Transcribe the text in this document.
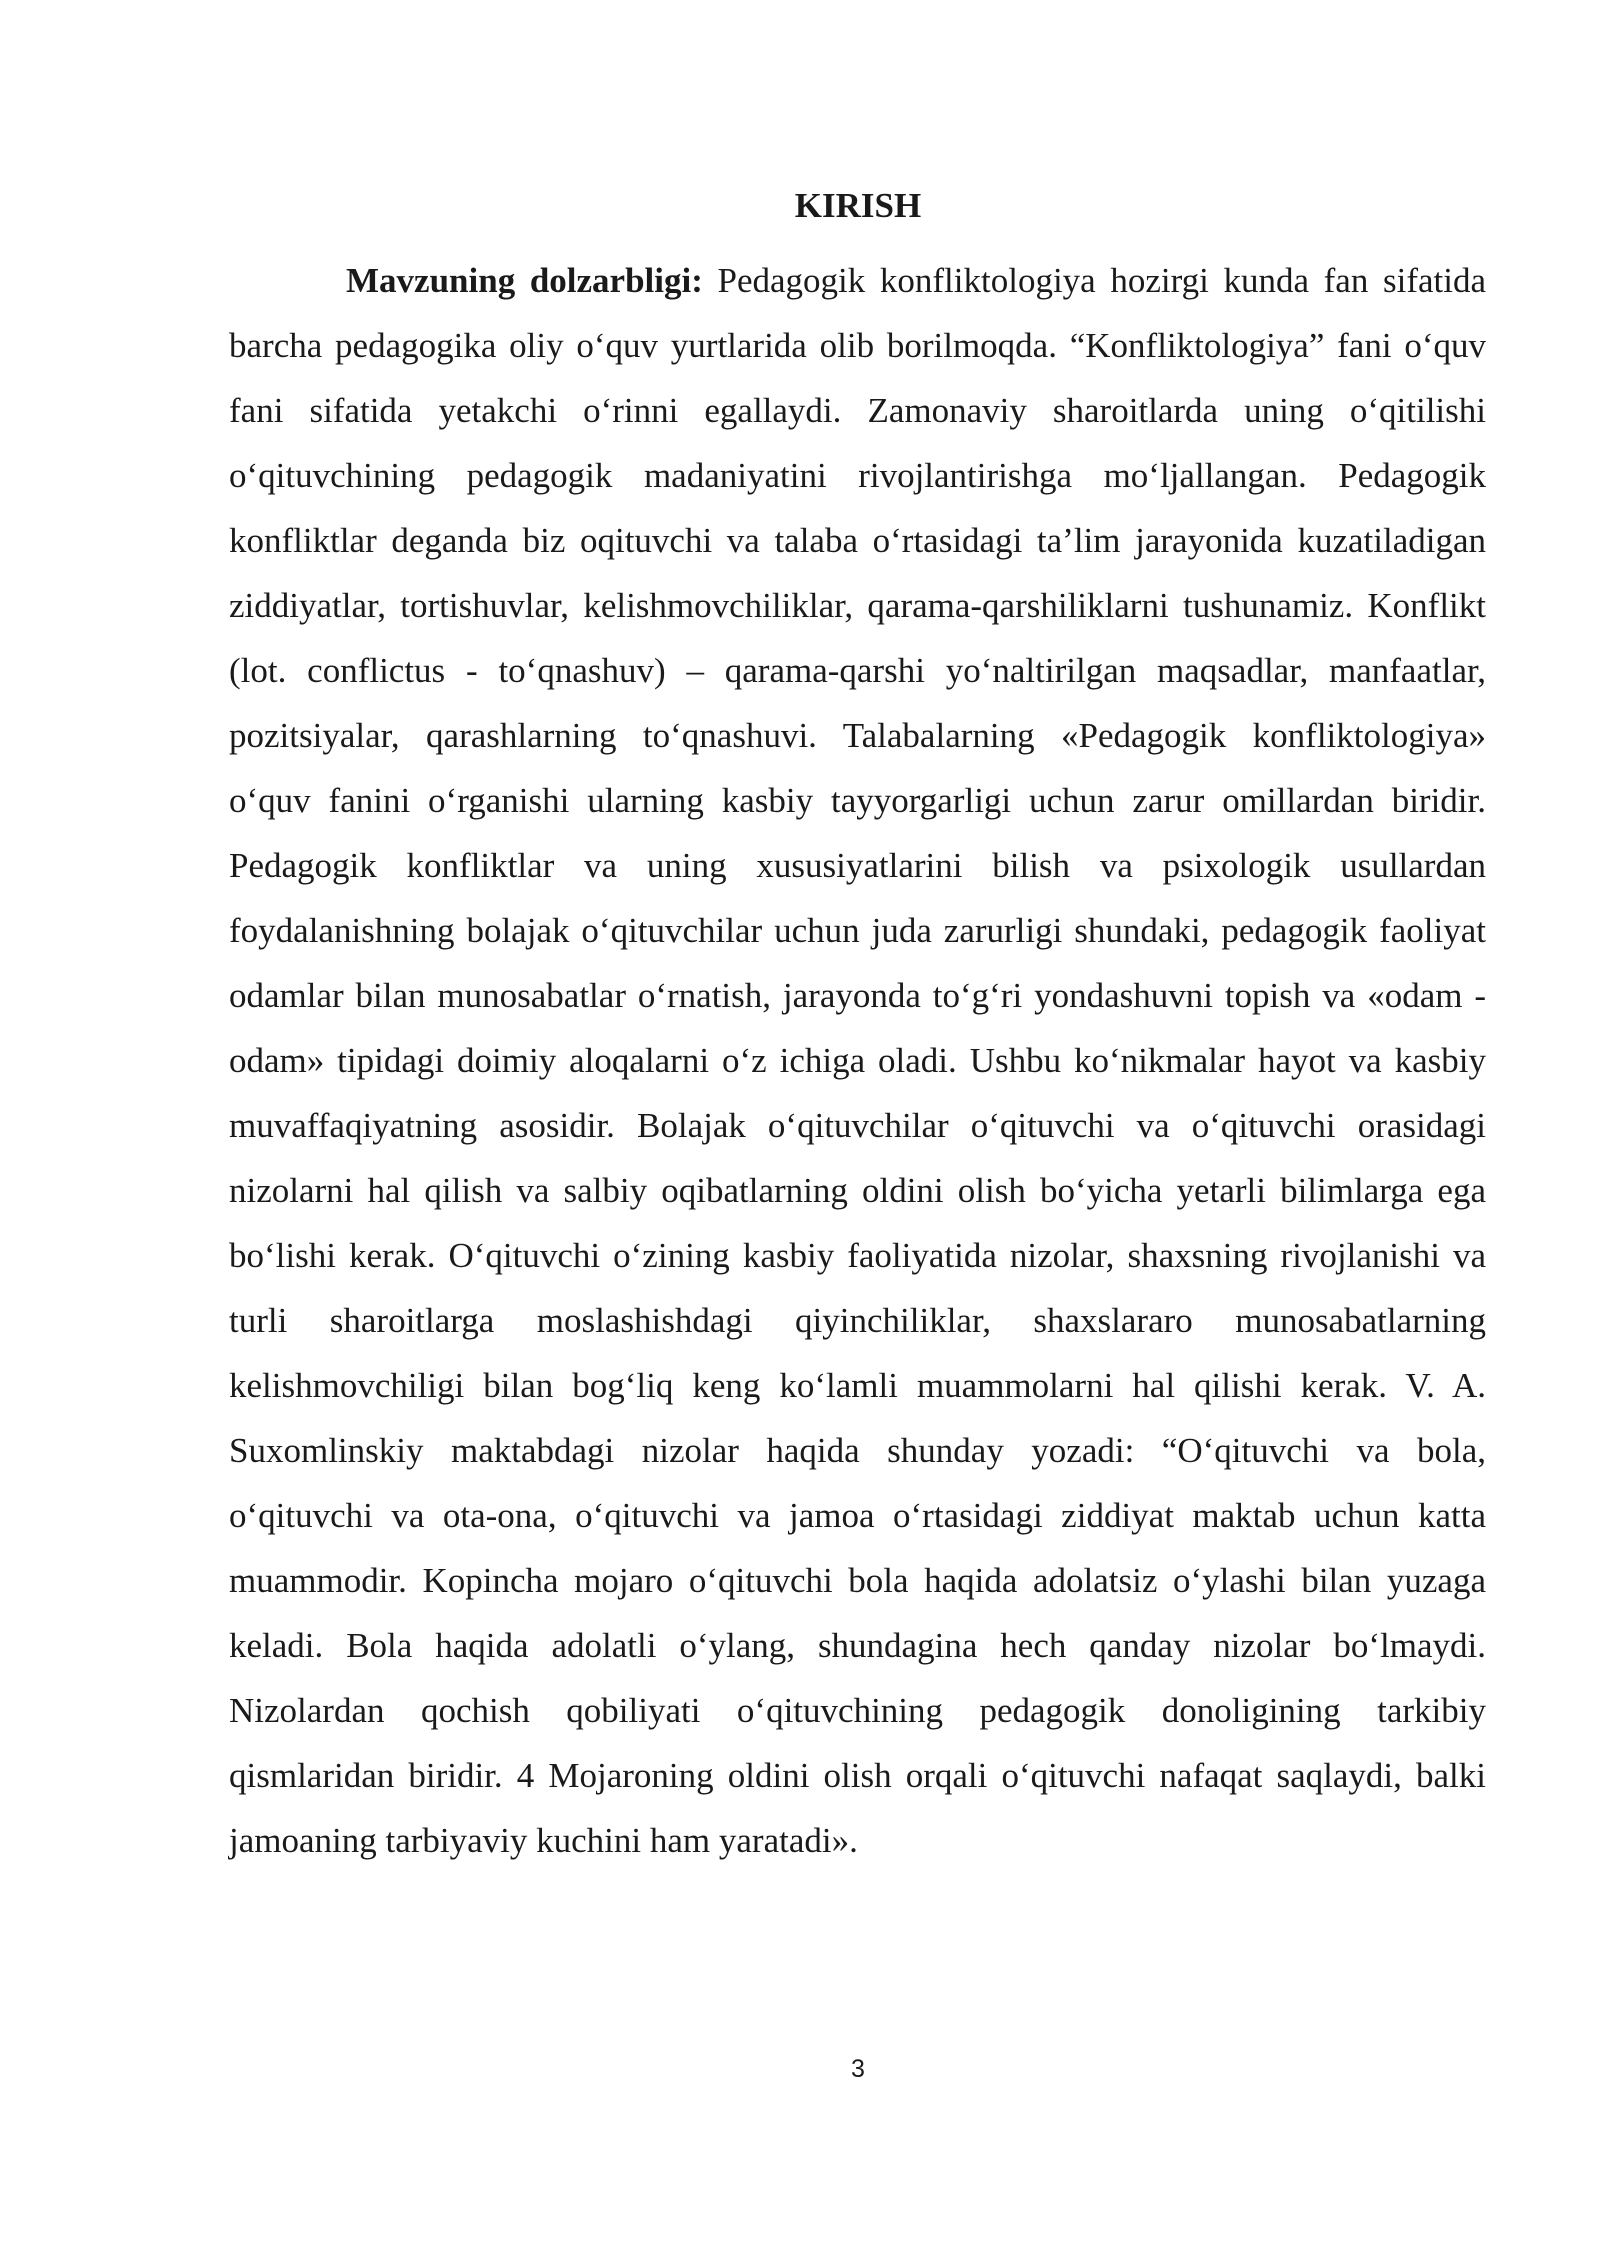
KIRISH

Mavzuning dolzarbligi: Pedagogik konfliktologiya hozirgi kunda fan sifatida barcha pedagogika oliy o‘quv yurtlarida olib borilmoqda. “Konfliktologiya” fani o‘quv fani sifatida yetakchi o‘rinni egallaydi. Zamonaviy sharoitlarda uning o‘qitilishi o‘qituvchining pedagogik madaniyatini rivojlantirishga mo‘ljallangan. Pedagogik konfliktlar deganda biz oqituvchi va talaba o‘rtasidagi ta’lim jarayonida kuzatiladigan ziddiyatlar, tortishuvlar, kelishmovchiliklar, qarama-qarshiliklarni tushunamiz. Konflikt (lot. conflictus - to‘qnashuv) – qarama-qarshi yo‘naltirilgan maqsadlar, manfaatlar, pozitsiyalar, qarashlarning to‘qnashuvi. Talabalarning «Pedagogik konfliktologiya» o‘quv fanini o‘rganishi ularning kasbiy tayyorgarligi uchun zarur omillardan biridir. Pedagogik konfliktlar va uning xususiyatlarini bilish va psixologik usullardan foydalanishning bolajak o‘qituvchilar uchun juda zarurligi shundaki, pedagogik faoliyat odamlar bilan munosabatlar o‘rnatish, jarayonda to‘g‘ri yondashuvni topish va «odam - odam» tipidagi doimiy aloqalarni o‘z ichiga oladi. Ushbu ko‘nikmalar hayot va kasbiy muvaffaqiyatning asosidir. Bolajak o‘qituvchilar o‘qituvchi va o‘qituvchi orasidagi nizolarni hal qilish va salbiy oqibatlarning oldini olish bo‘yicha yetarli bilimlarga ega bo‘lishi kerak. O‘qituvchi o‘zining kasbiy faoliyatida nizolar, shaxsning rivojlanishi va turli sharoitlarga moslashishdagi qiyinchiliklar, shaxslararo munosabatlarning kelishmovchiligi bilan bog‘liq keng ko‘lamli muammolarni hal qilishi kerak. V. A. Suxomlinskiy maktabdagi nizolar haqida shunday yozadi: “O‘qituvchi va bola, o‘qituvchi va ota-ona, o‘qituvchi va jamoa o‘rtasidagi ziddiyat maktab uchun katta muammodir. Kopincha mojaro o‘qituvchi bola haqida adolatsiz o‘ylashi bilan yuzaga keladi. Bola haqida adolatli o‘ylang, shundagina hech qanday nizolar bo‘lmaydi. Nizolardan qochish qobiliyati o‘qituvchining pedagogik donoligining tarkibiy qismlaridan biridir. 4 Mojaroning oldini olish orqali o‘qituvchi nafaqat saqlaydi, balki jamoaning tarbiyaviy kuchini ham yaratadi».

3
